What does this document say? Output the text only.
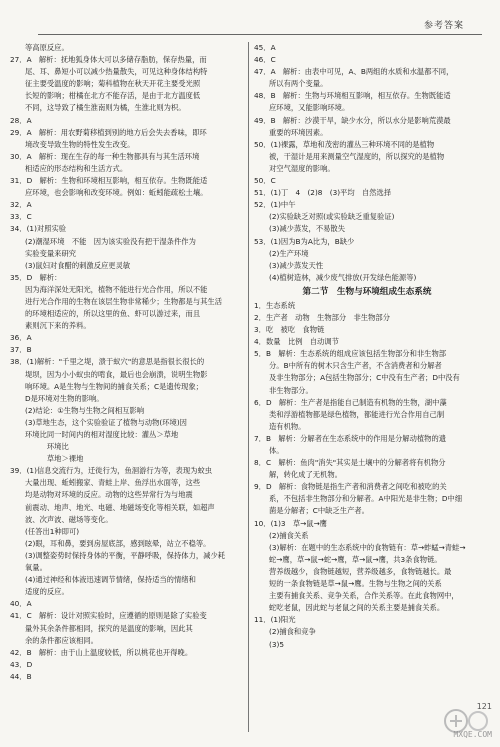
参考答案
等高原反应。
27．A　解析：抚地狐身体大可以多储存脂肪，保存热量，而
尾、耳、鼻短小可以减少热量散失，可见这种身体结构特
征主要受温度的影响；菊科植物在秋天开花主要受光照
长短的影响；柑橘在北方不能存活，是由于北方温度低
不同，这导致了橘生淮南则为橘，生淮北则为枳。
28．A
29．A　解析：用农野菊移植到别的地方后会失去香味，即环
境改变导致生物的特性发生改变。
30．A　解析：现在生存的每一种生物都具有与其生活环境
相适应的形态结构和生活方式。
31．D　解析：生物和环境相互影响，相互依存。生物既能适
应环境，也会影响和改变环境。例如：蚯蚓能疏松土壤。
32．A
33．C
34．(1)对照实验
(2)潮湿环境　不能　因为该实验没有把干湿条件作为
实验变量来研究
(3)鼠妇对食醋的刺激反应更灵敏
35．D　解析：
因为海洋深处无阳光，植物不能进行光合作用，所以不能
进行光合作用的生物在该层生物非常稀少；生物都是与其生活
的环境相适应的，所以这里的鱼、虾可以游过来，而且
素则沉下来的养料。
36．A
37．B
38．(1)解析："千里之堤，溃于蚁穴"的意思是指很长很长的
堤坝，因为小小蚁虫的啃食，最后也会崩溃，说明生物影
响环境。A是生物与生物间的捕食关系；C是遗传现象；
D是环境对生物的影响。
(2)结论：①生物与生物之间相互影响
(3)草地生态，这个实验验证了植物与动物(环境)因
环境比同一时间内的相对湿度比较：灌丛＞草地
　　　环境比
　　　草地＞裸地
39．(1)信息交流行为，迁徙行为，鱼洄游行为等，表现为蚊虫
大量出现、蚯蚓搬家、青蛙上岸、鱼浮出水面等，这些
均是动物对环境的反应。动物的这些异常行为与地震
前震动、地声、地光、电磁、地磁场变化等相关联，如超声
波、次声波、磁场等变化。
(任答出1种即可)
(2)眼，耳和鼻，要到房屋底部，感到眩晕，站立不稳等。
(3)调整姿势时保持身体的平衡，平静呼吸，保持体力，减少耗
氧量。
(4)通过神经和体液迅速调节情绪，保持适当的情绪和
适度的反应。
40．A
41．C　解析：设计对照实验时，应遵循的原则是除了实验变
量外其余条件都相同，探究的是温度的影响，因此其
余的条件都应该相同。
42．B　解析：由于山上温度较低，所以桃花也开得晚。
43．D
44．B
45．A
46．C
47．A　解析：由表中可见，A、B两组的水质和水温都不同，
所以有两个变量。
48．B　解析：生物与环境相互影响，相互依存。生物既能适
应环境，又能影响环境。
49．B　解析：沙漠干旱，缺少水分，所以水分是影响荒漠最
重要的环境因素。
50．(1)裸露，草地和茂密的灌丛三种环境不同的是植物
被，干湿计是用来测量空气湿度的，所以探究的是植物
对空气湿度的影响。
50．C
51．(1)丁　4　(2)8　(3)平均　自然选择
52．(1)中午
(2)实验缺乏对照(或实验缺乏重复验证)
(3)减少蒸发，不易散失
53．(1)因为B为A比为，B缺少
(2)生产环境
(3)减少蒸发天性
(4)植树造林，减少废气排放(开发绿色能源等)
第二节　生物与环境组成生态系统
1．生态系统
2．生产者　动物　生物部分　非生物部分
3．吃　被吃　食物链
4．数量　比例　自动调节
5．B　解析：生态系统的组成应该包括生物部分和非生物部
分。B中所有的树木只含生产者，不含消费者和分解者
及非生物部分；A包括生物部分；C中没有生产者；D中没有
非生物部分。
6．D　解析：生产者是指能自己制造有机物的生物，湖中藻
类和浮游植物都是绿色植物，都能进行光合作用自己制
造有机物。
7．B　解析：分解者在生态系统中的作用是分解动植物的遗
体。
8．C　解析：鱼肉"消失"其实是土壤中的分解者将有机物分
解，转化成了无机物。
9．D　解析：食物链是指生产者和消费者之间吃和被吃的关
系，不包括非生物部分和分解者。A中阳光是非生物；D中细
菌是分解者；C中缺乏生产者。
10．(1)3　草→鼠→鹰
(2)捕食关系
(3)解析：在题中的生态系统中的食物链有：草→蚱蜢→青蛙→
蛇→鹰，草→鼠→蛇→鹰，草→鼠→鹰，共3条食物链。
营养级越少，食物链越短，营养级越多，食物链越长。最
短的一条食物链是草→鼠→鹰。生物与生物之间的关系
主要有捕食关系、竞争关系，合作关系等。在此食物网中，
蛇吃老鼠，因此蛇与老鼠之间的关系主要是捕食关系。
11．(1)阳光
(2)捕食和竞争
(3)5
121
MXQE.COM
